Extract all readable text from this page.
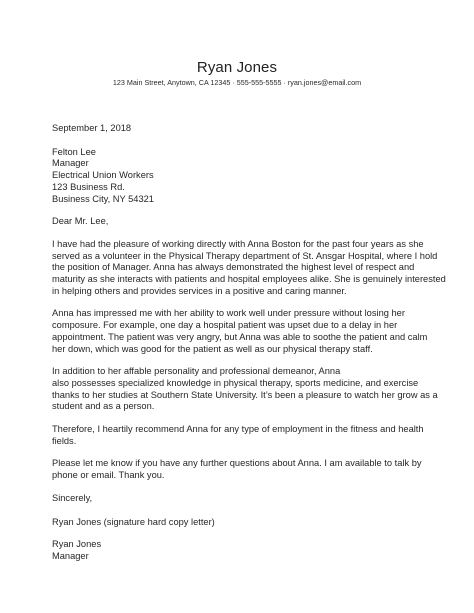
Ryan Jones
123 Main Street, Anytown, CA 12345 · 555-555-5555 · ryan.jones@email.com
September 1, 2018
Felton Lee
Manager
Electrical Union Workers
123 Business Rd.
Business City, NY 54321
Dear Mr. Lee,
I have had the pleasure of working directly with Anna Boston for the past four years as she
served as a volunteer in the Physical Therapy department of St. Ansgar Hospital, where I hold
the position of Manager. Anna has always demonstrated the highest level of respect and
maturity as she interacts with patients and hospital employees alike. She is genuinely interested
in helping others and provides services in a positive and caring manner.
Anna has impressed me with her ability to work well under pressure without losing her
composure. For example, one day a hospital patient was upset due to a delay in her
appointment. The patient was very angry, but Anna was able to soothe the patient and calm
her down, which was good for the patient as well as our physical therapy staff.
In addition to her affable personality and professional demeanor, Anna
also possesses specialized knowledge in physical therapy, sports medicine, and exercise
thanks to her studies at Southern State University. It’s been a pleasure to watch her grow as a
student and as a person.
Therefore, I heartily recommend Anna for any type of employment in the fitness and health
fields.
Please let me know if you have any further questions about Anna. I am available to talk by
phone or email. Thank you.
Sincerely,
Ryan Jones (signature hard copy letter)
Ryan Jones
Manager
